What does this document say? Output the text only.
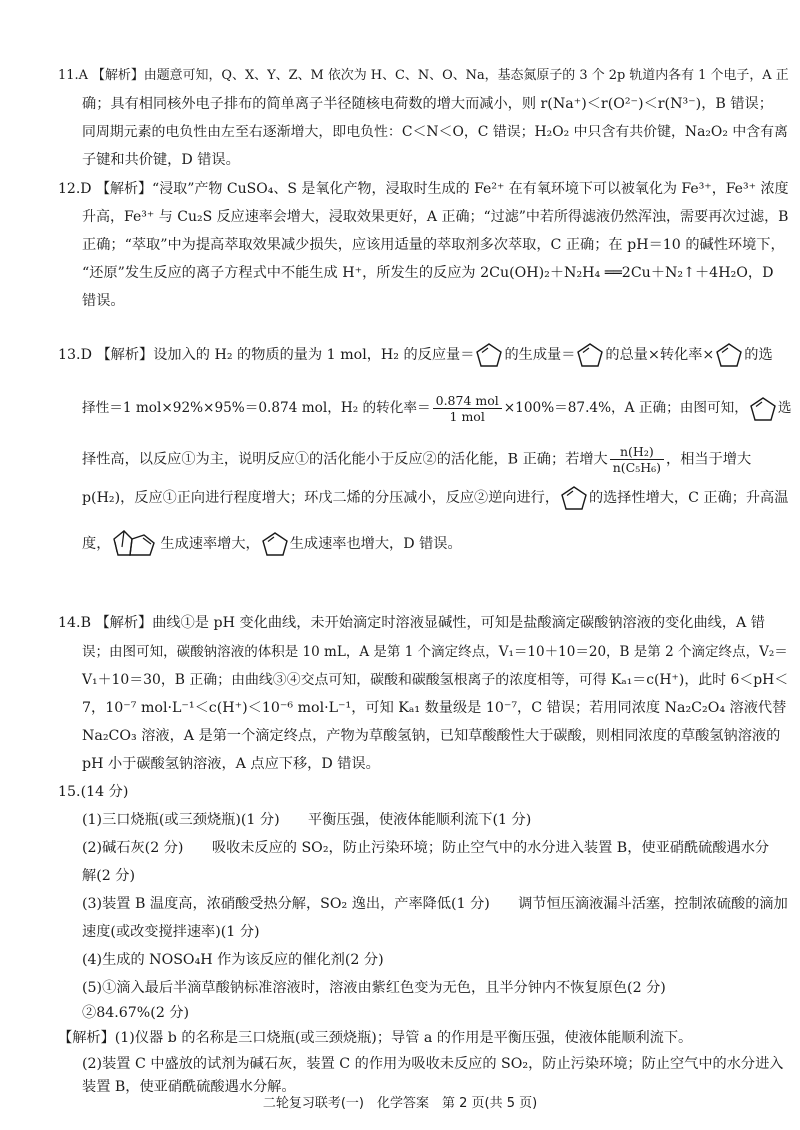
11.A 【解析】由题意可知，Q、X、Y、Z、M 依次为 H、C、N、O、Na，基态氮原子的 3 个 2p 轨道内各有 1 个电子，A 正
确；具有相同核外电子排布的简单离子半径随核电荷数的增大而减小，则 r(Na⁺)＜r(O²⁻)＜r(N³⁻)，B 错误；
同周期元素的电负性由左至右逐渐增大，即电负性：C＜N＜O，C 错误；H₂O₂ 中只含有共价键，Na₂O₂ 中含有离
子键和共价键，D 错误。
12.D 【解析】“浸取”产物 CuSO₄、S 是氧化产物，浸取时生成的 Fe²⁺ 在有氧环境下可以被氧化为 Fe³⁺，Fe³⁺ 浓度
升高，Fe³⁺ 与 Cu₂S 反应速率会增大，浸取效果更好，A 正确；“过滤”中若所得滤液仍然浑浊，需要再次过滤，B
正确；“萃取”中为提高萃取效果减少损失，应该用适量的萃取剂多次萃取，C 正确；在 pH＝10 的碱性环境下，
“还原”发生反应的离子方程式中不能生成 H⁺，所发生的反应为 2Cu(OH)₂＋N₂H₄ ══2Cu＋N₂↑＋4H₂O，D
错误。
13.D 【解析】设加入的 H₂ 的物质的量为 1 mol，H₂ 的反应量＝ 的生成量＝ 的总量×转化率× 的选
择性＝1 mol×92%×95%＝0.874 mol，H₂ 的转化率＝ $\frac{\text{0.874 mol}}{\text{1 mol}} \times 100\%=87.4\%$，A 正确；由图可知， 选
择性高，以反应①为主，说明反应①的活化能小于反应②的活化能，B 正确；若增大 $\frac{\text{n(H₂)}}{\text{n(C₅H₆)}}$ ，相当于增大
p(H₂)，反应①正向进行程度增大；环戊二烯的分压减小，反应②逆向进行， 的选择性增大，C 正确；升高温
度，	生成速率增大， 生成速率也增大，D 错误。
14.B 【解析】曲线①是 pH 变化曲线，未开始滴定时溶液显碱性，可知是盐酸滴定碳酸钠溶液的变化曲线，A 错
误；由图可知，碳酸钠溶液的体积是 10 mL，A 是第 1 个滴定终点，V₁＝10＋10＝20，B 是第 2 个滴定终点，V₂＝
V₁＋10＝30，B 正确；由曲线③④交点可知，碳酸和碳酸氢根离子的浓度相等，可得 Kₐ₁＝c(H⁺)，此时 6＜pH＜
7，10⁻⁷ mol·L⁻¹＜c(H⁺)＜10⁻⁶ mol·L⁻¹，可知 Kₐ₁ 数量级是 10⁻⁷，C 错误；若用同浓度 Na₂C₂O₄ 溶液代替
Na₂CO₃ 溶液，A 是第一个滴定终点，产物为草酸氢钠，已知草酸酸性大于碳酸，则相同浓度的草酸氢钠溶液的
pH 小于碳酸氢钠溶液，A 点应下移，D 错误。
15.(14 分)
(1)三口烧瓶(或三颈烧瓶)(1 分)　　平衡压强，使液体能顺利流下(1 分)
(2)碱石灰(2 分)　　吸收未反应的 SO₂，防止污染环境；防止空气中的水分进入装置 B，使亚硝酰硫酸遇水分
解(2 分)
(3)装置 B 温度高，浓硝酸受热分解，SO₂ 逸出，产率降低(1 分)　　调节恒压滴液漏斗活塞，控制浓硫酸的滴加
速度(或改变搅拌速率)(1 分)
(4)生成的 NOSO₄H 作为该反应的催化剂(2 分)
(5)①滴入最后半滴草酸钠标准溶液时，溶液由紫红色变为无色，且半分钟内不恢复原色(2 分)
②84.67%(2 分)
【解析】(1)仪器 b 的名称是三口烧瓶(或三颈烧瓶)；导管 a 的作用是平衡压强，使液体能顺利流下。
(2)装置 C 中盛放的试剂为碱石灰，装置 C 的作用为吸收未反应的 SO₂，防止污染环境；防止空气中的水分进入
装置 B，使亚硝酰硫酸遇水分解。
二轮复习联考(一)　化学答案　第 2 页(共 5 页)
